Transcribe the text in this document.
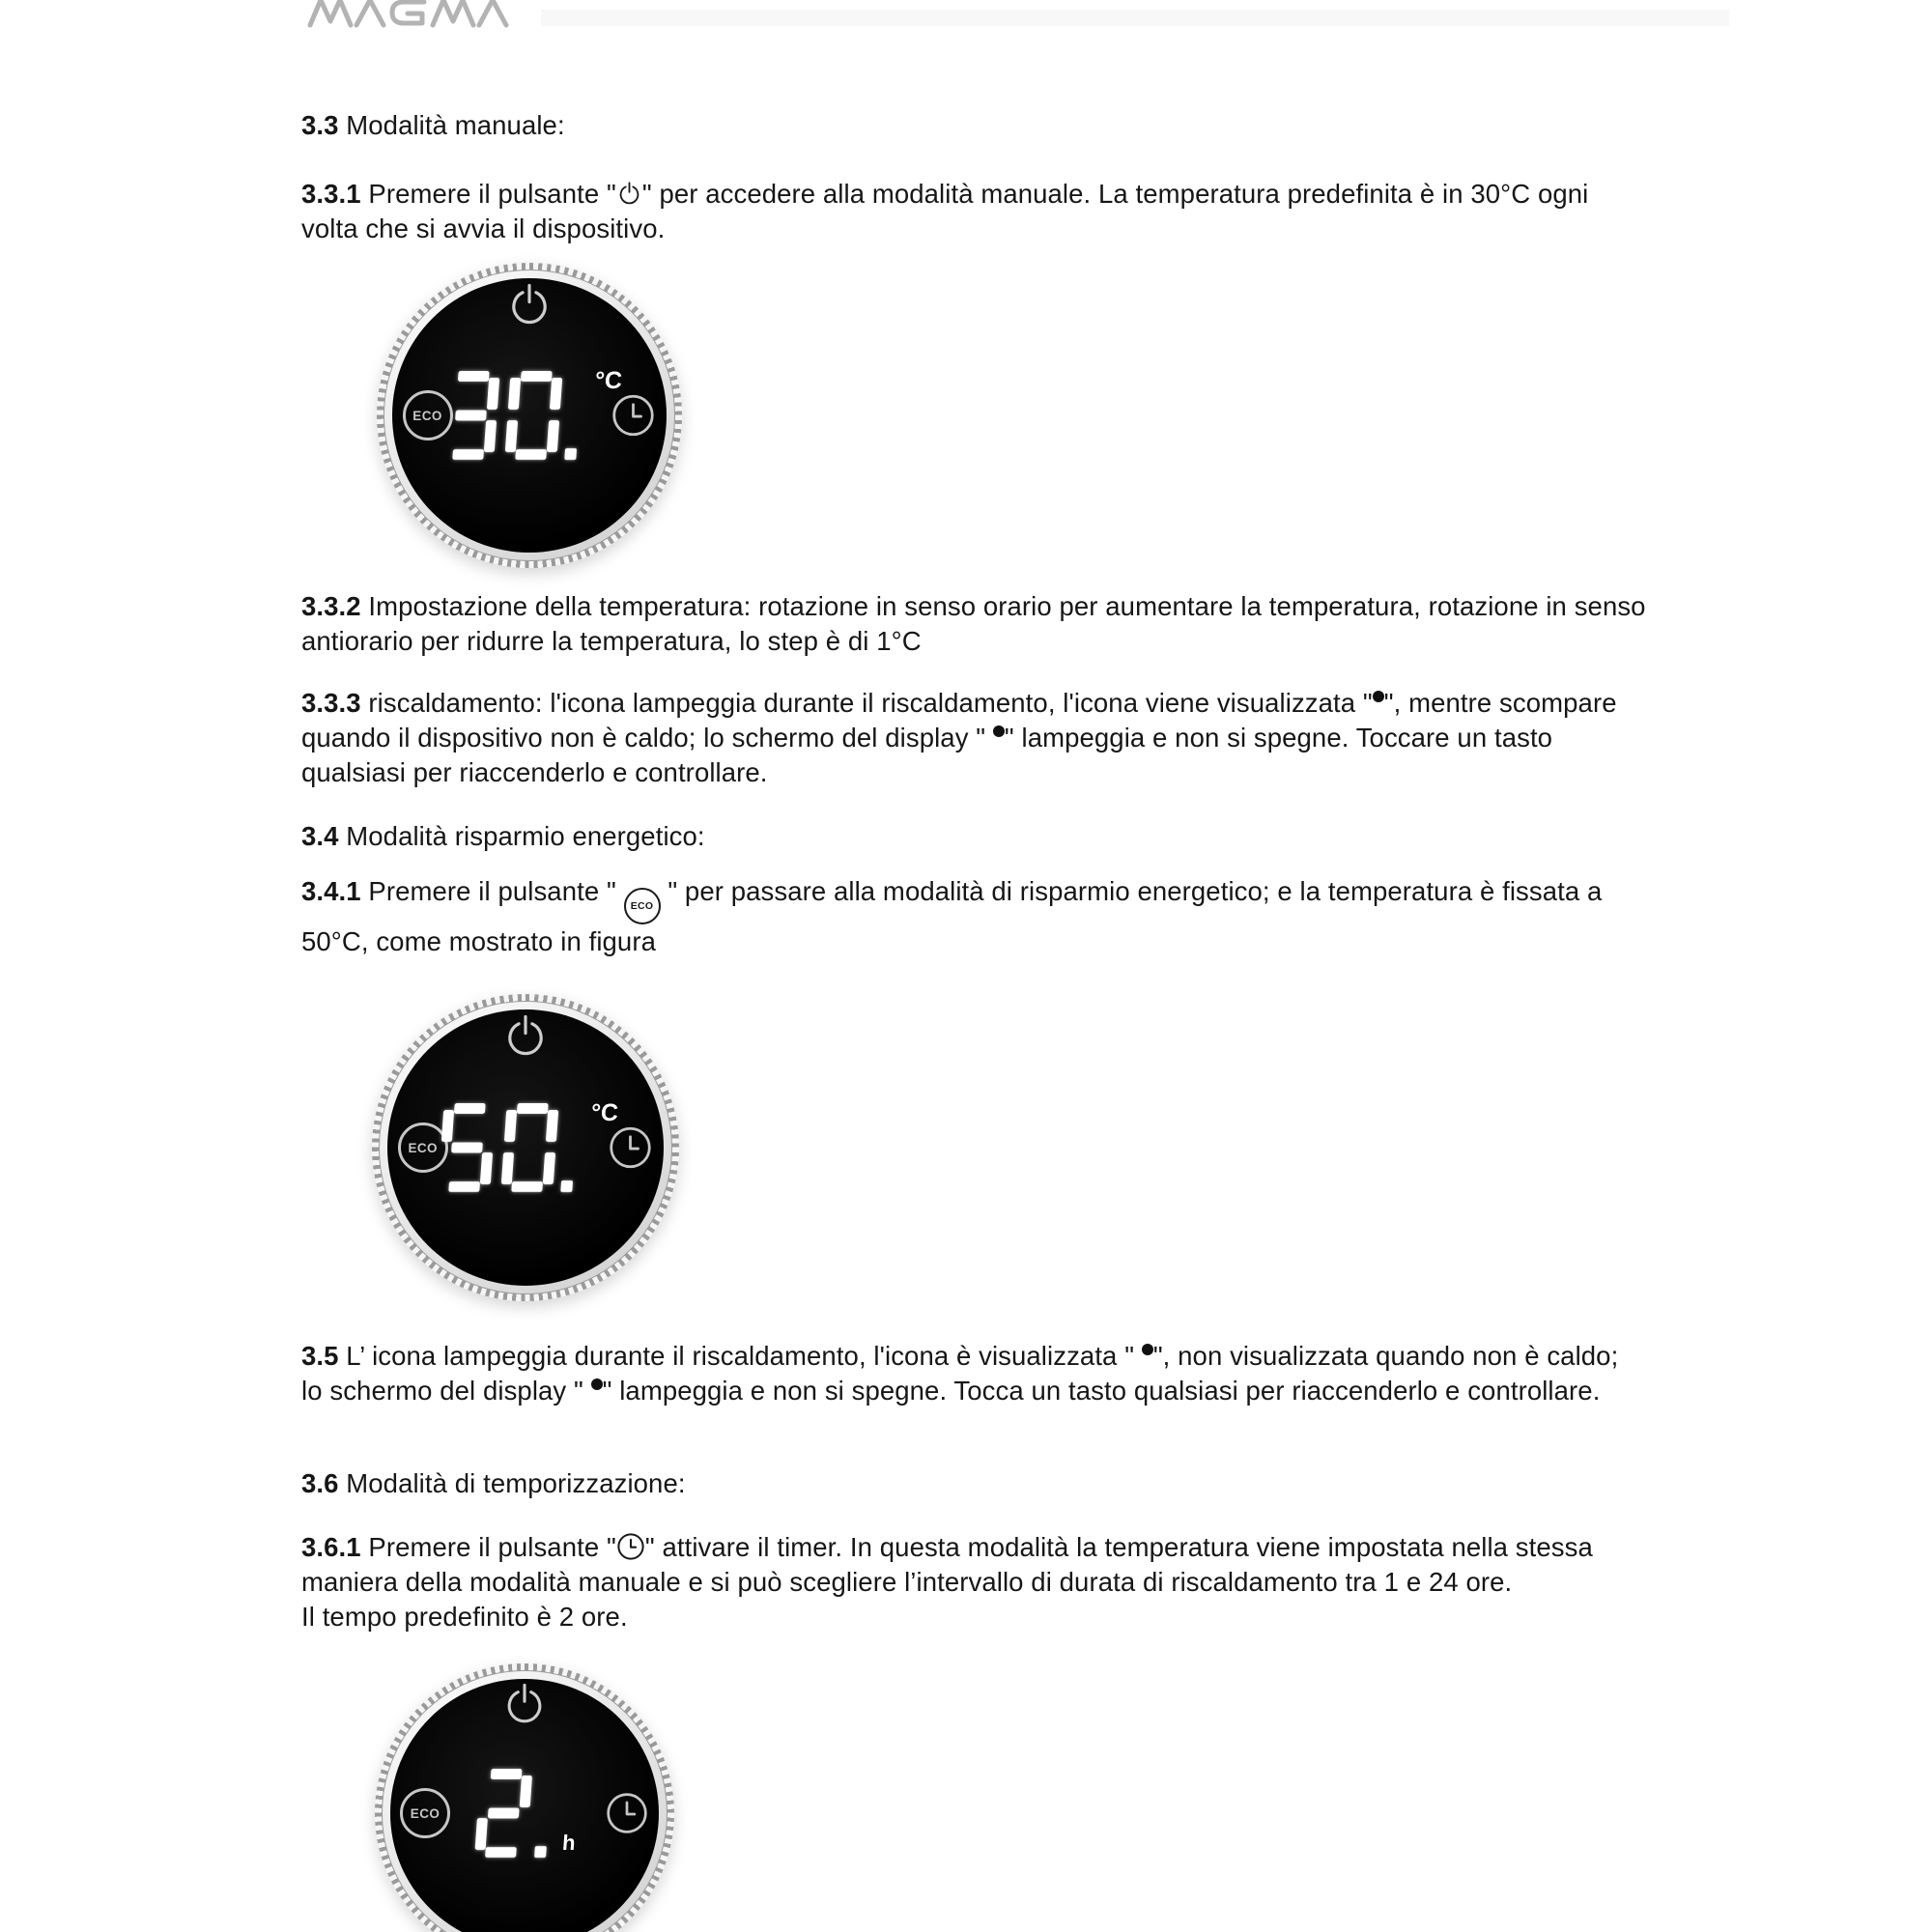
3.3 Modalità manuale:

3.3.1 Premere il pulsante " " per accedere alla modalità manuale. La temperatura predefinita è in 30°C ogni volta che si avvia il dispositivo.

ECO
°C

3.3.2 Impostazione della temperatura: rotazione in senso orario per aumentare la temperatura, rotazione in senso antiorario per ridurre la temperatura, lo step è di 1°C

3.3.3 riscaldamento: l'icona lampeggia durante il riscaldamento, l'icona viene visualizzata " ", mentre scompare quando il dispositivo non è caldo; lo schermo del display " " lampeggia e non si spegne. Toccare un tasto qualsiasi per riaccenderlo e controllare.

3.4 Modalità risparmio energetico:

3.4.1 Premere il pulsante " ECO " per passare alla modalità di risparmio energetico; e la temperatura è fissata a 50°C, come mostrato in figura

ECO
°C

3.5 L’ icona lampeggia durante il riscaldamento, l'icona è visualizzata " ", non visualizzata quando non è caldo; lo schermo del display " " lampeggia e non si spegne. Tocca un tasto qualsiasi per riaccenderlo e controllare.

3.6 Modalità di temporizzazione:

3.6.1 Premere il pulsante " " attivare il timer. In questa modalità la temperatura viene impostata nella stessa maniera della modalità manuale e si può scegliere l’intervallo di durata di riscaldamento tra 1 e 24 ore.
Il tempo predefinito è 2 ore.

ECO
h
